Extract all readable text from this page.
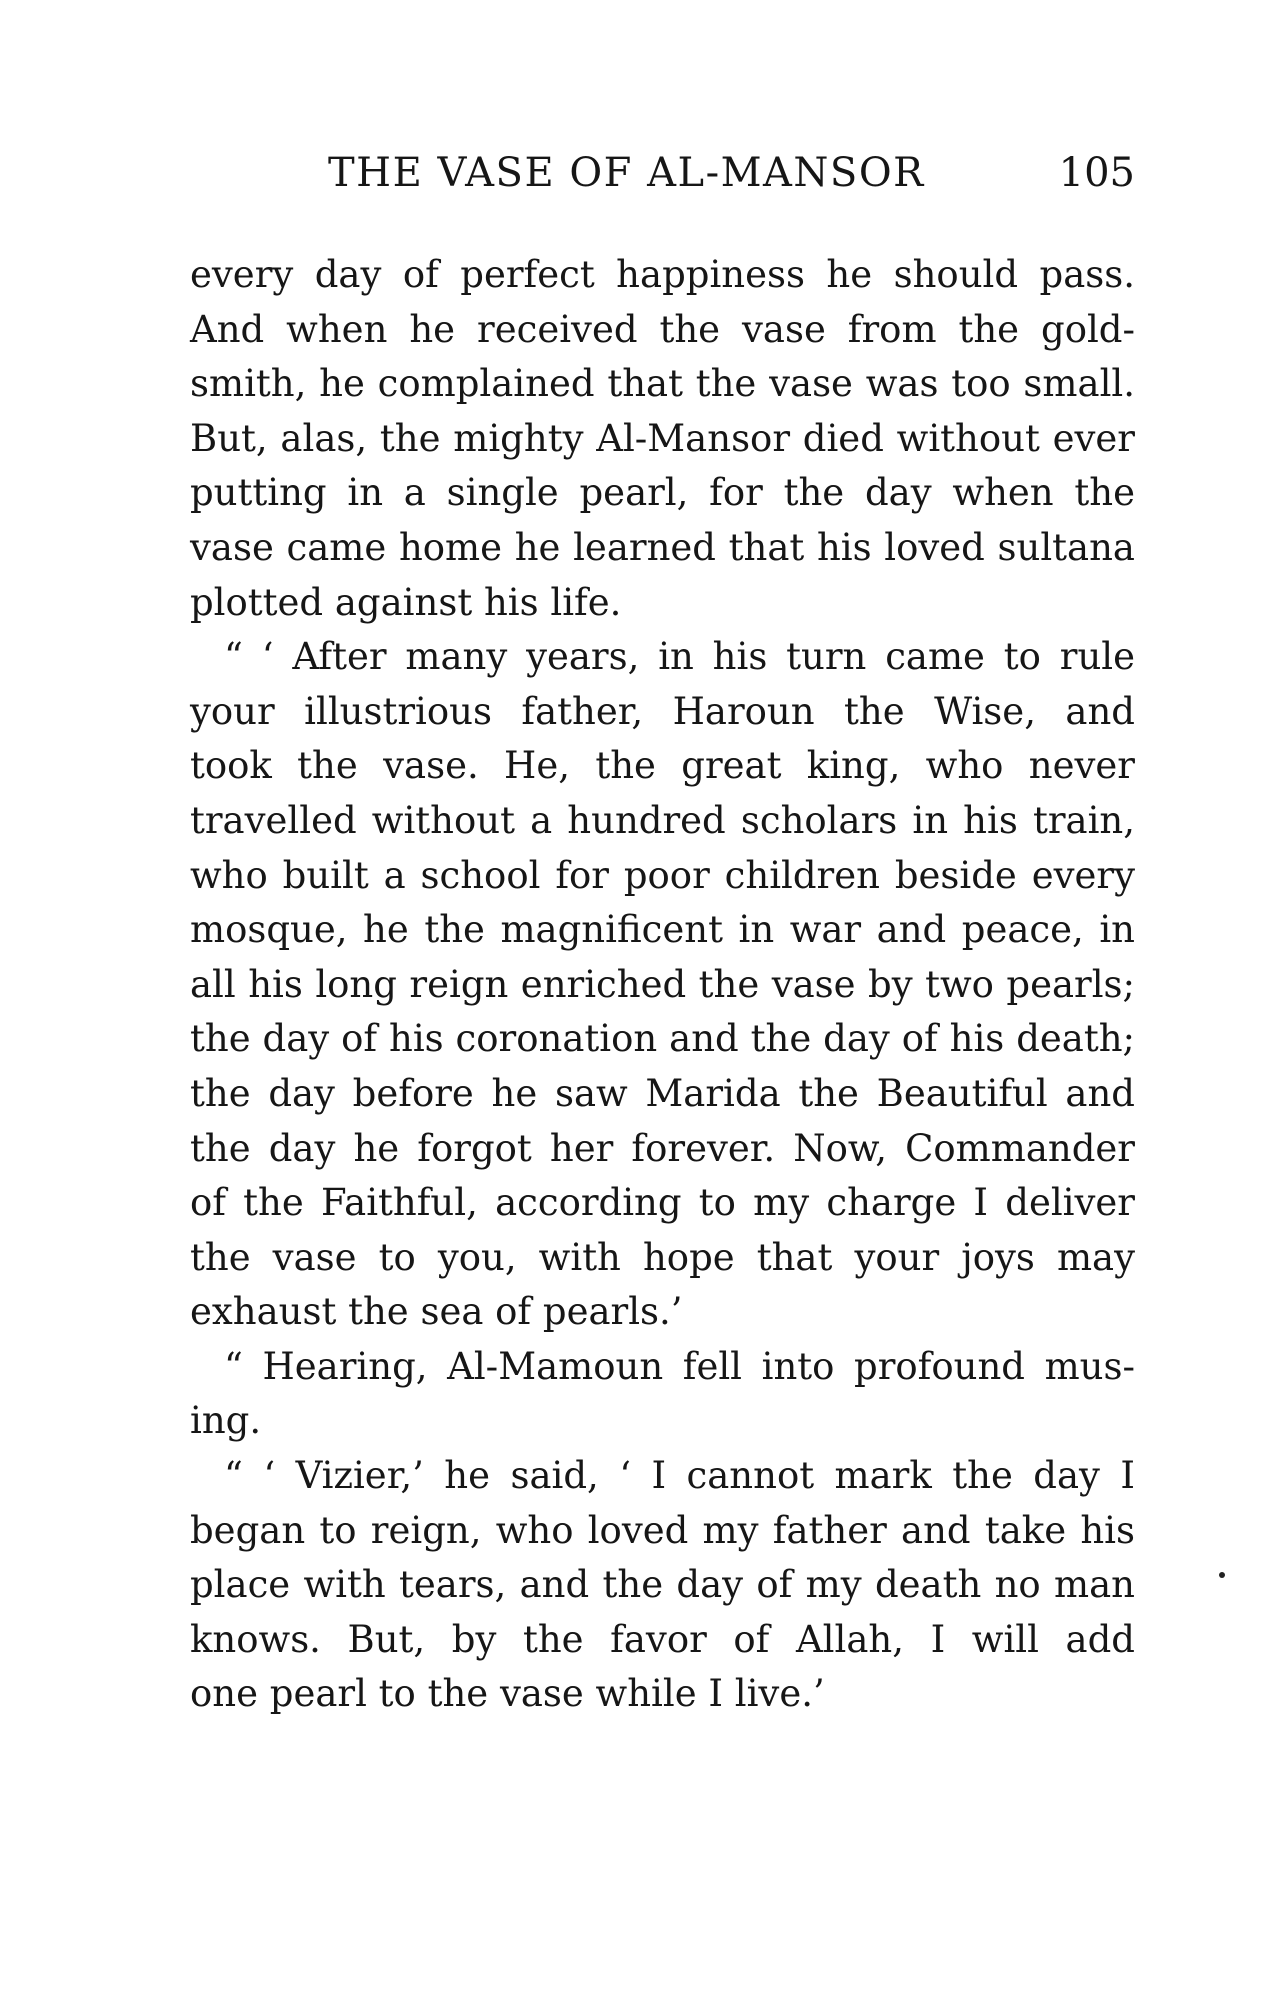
THE VASE OF AL-MANSOR	105
every day of perfect happiness he should pass.
And when he received the vase from the gold-
smith, he complained that the vase was too small.
But, alas, the mighty Al-Mansor died without ever
putting in a single pearl, for the day when the
vase came home he learned that his loved sultana
plotted against his life.
“ ‘ After many years, in his turn came to rule
your illustrious father, Haroun the Wise, and
took the vase. He, the great king, who never
travelled without a hundred scholars in his train,
who built a school for poor children beside every
mosque, he the magnificent in war and peace, in
all his long reign enriched the vase by two pearls;
the day of his coronation and the day of his death;
the day before he saw Marida the Beautiful and
the day he forgot her forever. Now, Commander
of the Faithful, according to my charge I deliver
the vase to you, with hope that your joys may
exhaust the sea of pearls.’
“ Hearing, Al-Mamoun fell into profound mus-
ing.
“ ‘ Vizier,’ he said, ‘ I cannot mark the day I
began to reign, who loved my father and take his
place with tears, and the day of my death no man
knows. But, by the favor of Allah, I will add
one pearl to the vase while I live.’
